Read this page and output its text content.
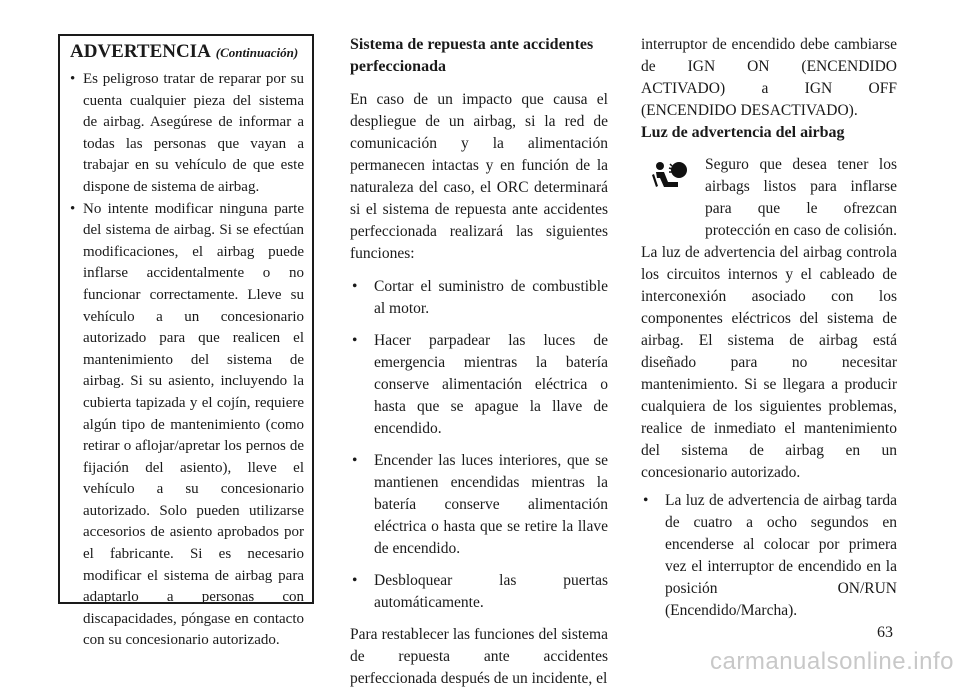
ADVERTENCIA (Continuación)
• Es peligroso tratar de reparar por su cuenta cualquier pieza del sistema de airbag. Asegúrese de informar a todas las personas que vayan a trabajar en su vehículo de que este dispone de sistema de airbag.
• No intente modificar ninguna parte del sistema de airbag. Si se efectúan modificaciones, el airbag puede inflarse accidentalmente o no funcionar correctamente. Lleve su vehículo a un concesionario autorizado para que realicen el mantenimiento del sistema de airbag. Si su asiento, incluyendo la cubierta tapizada y el cojín, requiere algún tipo de mantenimiento (como retirar o aflojar/apretar los pernos de fijación del asiento), lleve el vehículo a su concesionario autorizado. Solo pueden utilizarse accesorios de asiento aprobados por el fabricante. Si es necesario modificar el sistema de airbag para adaptarlo a personas con discapacidades, póngase en contacto con su concesionario autorizado.
Sistema de repuesta ante accidentes perfeccionada

En caso de un impacto que causa el despliegue de un airbag, si la red de comunicación y la alimentación permanecen intactas y en función de la naturaleza del caso, el ORC determinará si el sistema de repuesta ante accidentes perfeccionada realizará las siguientes funciones:

• Cortar el suministro de combustible al motor.
• Hacer parpadear las luces de emergencia mientras la batería conserve alimentación eléctrica o hasta que se apague la llave de encendido.
• Encender las luces interiores, que se mantienen encendidas mientras la batería conserve alimentación eléctrica o hasta que se retire la llave de encendido.
• Desbloquear las puertas automáticamente.

Para restablecer las funciones del sistema de repuesta ante accidentes perfeccionada después de un incidente, el

Luz de advertencia del airbag

Seguro que desea tener los airbags listos para inflarse para que le ofrezcan protección en caso de colisión. La luz de advertencia del airbag controla los circuitos internos y el cableado de interconexión asociado con los componentes eléctricos del sistema de airbag. El sistema de airbag está diseñado para no necesitar mantenimiento. Si se llegara a producir cualquiera de los siguientes problemas, realice de inmediato el mantenimiento del sistema de airbag en un concesionario autorizado.

• La luz de advertencia de airbag tarda de cuatro a ocho segundos en encenderse al colocar por primera vez el interruptor de encendido en la posición ON/RUN (Encendido/Marcha).
63
carmanualsonline.info

interruptor de encendido debe cambiarse de IGN ON (ENCENDIDO ACTIVADO) a IGN OFF (ENCENDIDO DESACTIVADO).
